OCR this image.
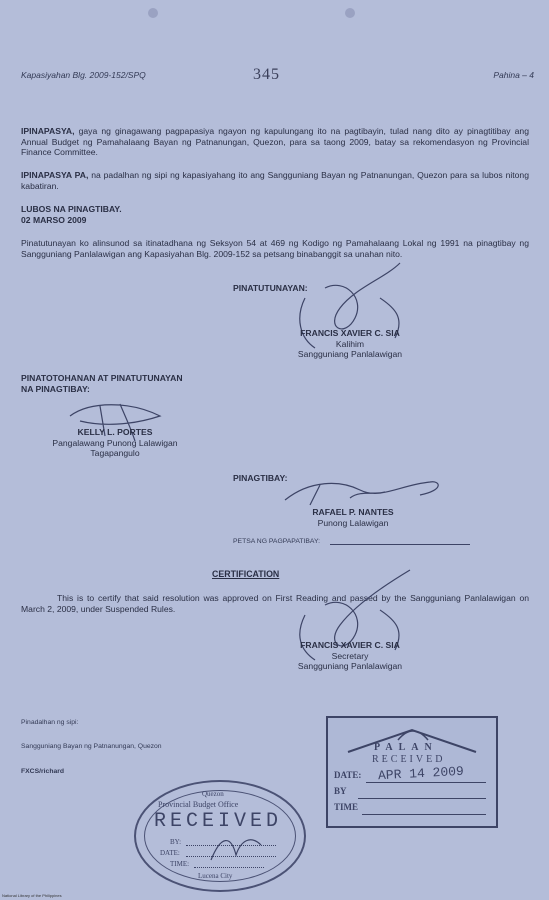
Kapasiyahan Blg. 2009-152/SPQ	345	Pahina – 4
IPINAPASYA, gaya ng ginagawang pagpapasiya ngayon ng kapulungang ito na pagtibayin, tulad nang dito ay pinagtitibay ang Annual Budget ng Pamahalaang Bayan ng Patnanungan, Quezon, para sa taong 2009, batay sa rekomendasyon ng Provincial Finance Committee.
IPINAPASYA PA, na padalhan ng sipi ng kapasiyahang ito ang Sangguniang Bayan ng Patnanungan, Quezon para sa lubos nitong kabatiran.
LUBOS NA PINAGTIBAY.
02 MARSO 2009
Pinatutunayan ko alinsunod sa itinatadhana ng Seksyon 54 at 469 ng Kodigo ng Pamahalaang Lokal ng 1991 na pinagtibay ng Sangguniang Panlalawigan ang Kapasiyahan Blg. 2009-152 sa petsang binabanggit sa unahan nito.
PINATUTUNAYAN:
FRANCIS XAVIER C. SIA
Kalihim
Sangguniang Panlalawigan
PINATOTOHANAN AT PINATUTUNAYAN
NA PINAGTIBAY:
KELLY L. PORTES
Pangalawang Punong Lalawigan
Tagapangulo
PINAGTIBAY:
RAFAEL P. NANTES
Punong Lalawigan
PETSA NG PAGPAPATIBAY:
CERTIFICATION
This is to certify that said resolution was approved on First Reading and passed by the Sangguniang Panlalawigan on March 2, 2009, under Suspended Rules.
FRANCIS XAVIER C. SIA
Secretary
Sangguniang Panlalawigan
Pinadalhan ng sipi:
Sangguniang Bayan ng Patnanungan, Quezon
FXCS/richard
PALAN
RECEIVED
DATE: APR 14 2009
BY
TIME
Quezon
Provincial Budget Office
RECEIVED
BY:
DATE:
TIME:
Lucena City
National Library of the Philippines
